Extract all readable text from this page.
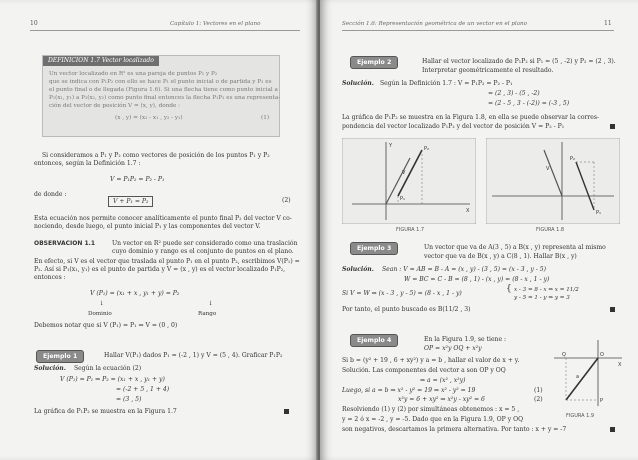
10	Capítulo 1: Vectores en el plano
DEFINICION 1.7 Vector localizado
Un vector localizado en R² es una pareja de puntos P₁ y P₂
que se indica con P₁P₂ con ello se hace P₁ el punto inicial o de partida y P₂ es
el punto final o de llegada (Figura 1.6). Si una flecha tiene como punto inicial a
P₁(x₁, y₁) a P₂(x₂, y₂) como punto final entonces la flecha P₁P₂ es una representa-
ción del vector de posición V = (x, y), donde :
(x , y) = (x₂ - x₁ , y₂ - y₁)	(1)
Si consideramos a P₁ y P₂ como vectores de posición de los puntos P₁ y P₂
entonces, según la Definición 1.7 :
V = P₁P₂ = P₂ - P₁
de donde :
V + P₁ = P₂	(2)
Esta ecuación nos permite conocer analíticamente el punto final P₂ del vector V co-
nociendo, desde luego, el punto inicial P₁ y las componentes del vector V.
OBSERVACION 1.1	Un vector en R² puede ser considerado como una traslación
cuyo dominio y rango es el conjunto de puntos en el plano.
En efecto, si V es el vector que traslada el punto P₁ en el punto P₂, escribimos V(P₁) =
P₂. Así si P₁(x₁, y₁) es el punto de partida y V = (x , y) es el vector localizado P₁P₂,
entonces :
V (P₁) = (x₁ + x , y₁ + y) = P₂
↓	↓
Dominio	Rango
Debemos notar que si V (P₁) = P₁ ⇒ V = (0 , 0)
Ejemplo 1	Hallar V(P₁) dados P₁ = (-2 , 1) y V = (5 , 4). Graficar P₁P₂
Solución. Según la ecuación (2)
V (P₁) = P₁ ⇒ P₂ = (x₁ + x , y₁ + y)
= (-2 + 5 , 1 + 4)
= (3 , 5)
La gráfica de P₁P₂ se muestra en la Figura 1.7
Sección 1.6: Representación geométrica de un vector en el plano	11
Ejemplo 2	Hallar el vector localizado de P₁P₂ si P₁ = (5 , -2) y P₂ = (2 , 3).
Interpretar geométricamente el resultado.
Solución. Según la Definición 1.7 : V = P₁P₂ = P₂ - P₁
= (2 , 3) - (5 , -2)
= (2 - 5 , 3 - (-2)) = (-3 , 5)
La gráfica de P₁P₂ se muestra en la Figura 1.8, en ella se puede observar la corres-
pondencia del vector localizado P₁P₂ y del vector de posición V = P₂ - P₁
P₂
V
P₁
X
Y
FIGURA 1.7
P₁
P₂
V
FIGURA 1.8
Ejemplo 3	Un vector que va de A(3 , 5) a B(x , y) representa al mismo
vector que va de B(x , y) a C(8 , 1). Hallar B(x , y)
Solución. Sean : V = AB = B - A = (x , y) - (3 , 5) = (x - 3 , y - 5)
W = BC = C - B = (8 , 1) - (x , y) = (8 - x , 1 - y)
Si V = W ⇒ (x - 3 , y - 5) = (8 - x , 1 - y)	{ x - 3 = 8 - x ⇒ x = 11/2
y - 5 = 1 - y ⇒ y = 3
Por tanto, el punto buscado es B(11/2 , 3)
Ejemplo 4	En la Figura 1.9, se tiene :
OP = x²y OQ + x²y
Si b = (y² + 19 , 6 + xy²) y a = b , hallar el valor de x + y.
Solución. Las componentes del vector a son OP y OQ
⇒ a = (x² , x²y)
Luego, si a = b ⇒ x² - y² = 19 ⇒ x² - y² = 19	(1)
x²y = 6 + xy² ⇒ x²y - xy² = 6	(2)
Resolviendo (1) y (2) por simultáneas obtenemos : x = 5 ,
y = 2 ó x = -2 , y = -5. Dado que en la Figura 1.9, OP y OQ
son negativos, descartamos la primera alternativa. Por tanto : x + y = -7
O
Q
P
a
X
FIGURA 1.9
